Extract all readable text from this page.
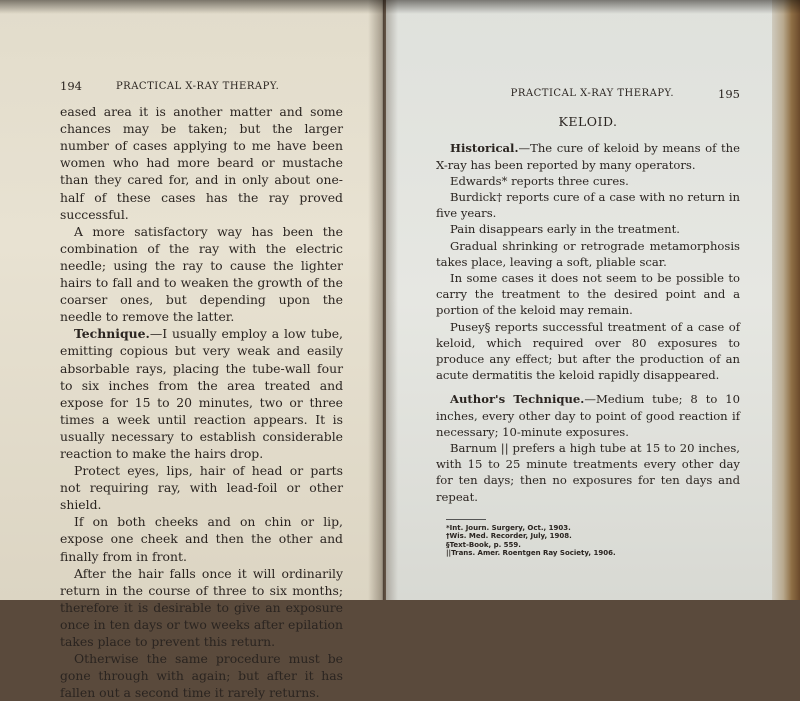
194	PRACTICAL X-RAY THERAPY.

eased area it is another matter and some chances may be taken; but the larger number of cases applying to me have been women who had more beard or mustache than they cared for, and in only about one-half of these cases has the ray proved successful.

A more satisfactory way has been the combination of the ray with the electric needle; using the ray to cause the lighter hairs to fall and to weaken the growth of the coarser ones, but depending upon the needle to remove the latter.

Technique.—I usually employ a low tube, emitting copious but very weak and easily absorbable rays, placing the tube-wall four to six inches from the area treated and expose for 15 to 20 minutes, two or three times a week until reaction appears. It is usually necessary to establish considerable reaction to make the hairs drop.

Protect eyes, lips, hair of head or parts not requiring ray, with lead-foil or other shield.

If on both cheeks and on chin or lip, expose one cheek and then the other and finally from in front.

After the hair falls once it will ordinarily return in the course of three to six months; therefore it is desirable to give an exposure once in ten days or two weeks after epilation takes place to prevent this return.

Otherwise the same procedure must be gone through with again; but after it has fallen out a second time it rarely returns.

PRACTICAL X-RAY THERAPY.	195
KELOID.

Historical.—The cure of keloid by means of the X-ray has been reported by many operators.

Edwards* reports three cures.

Burdick† reports cure of a case with no return in five years.

Pain disappears early in the treatment.

Gradual shrinking or retrograde metamorphosis takes place, leaving a soft, pliable scar.

In some cases it does not seem to be possible to carry the treatment to the desired point and a portion of the keloid may remain.

Pusey§ reports successful treatment of a case of keloid, which required over 80 exposures to produce any effect; but after the production of an acute dermatitis the keloid rapidly disappeared.

Author's Technique.—Medium tube; 8 to 10 inches, every other day to point of good reaction if necessary; 10-minute exposures.

Barnum || prefers a high tube at 15 to 20 inches, with 15 to 25 minute treatments every other day for ten days; then no exposures for ten days and repeat.

*Int. Journ. Surgery, Oct., 1903.
†Wis. Med. Recorder, July, 1908.
§Text-Book, p. 559.
||Trans. Amer. Roentgen Ray Society, 1906.
